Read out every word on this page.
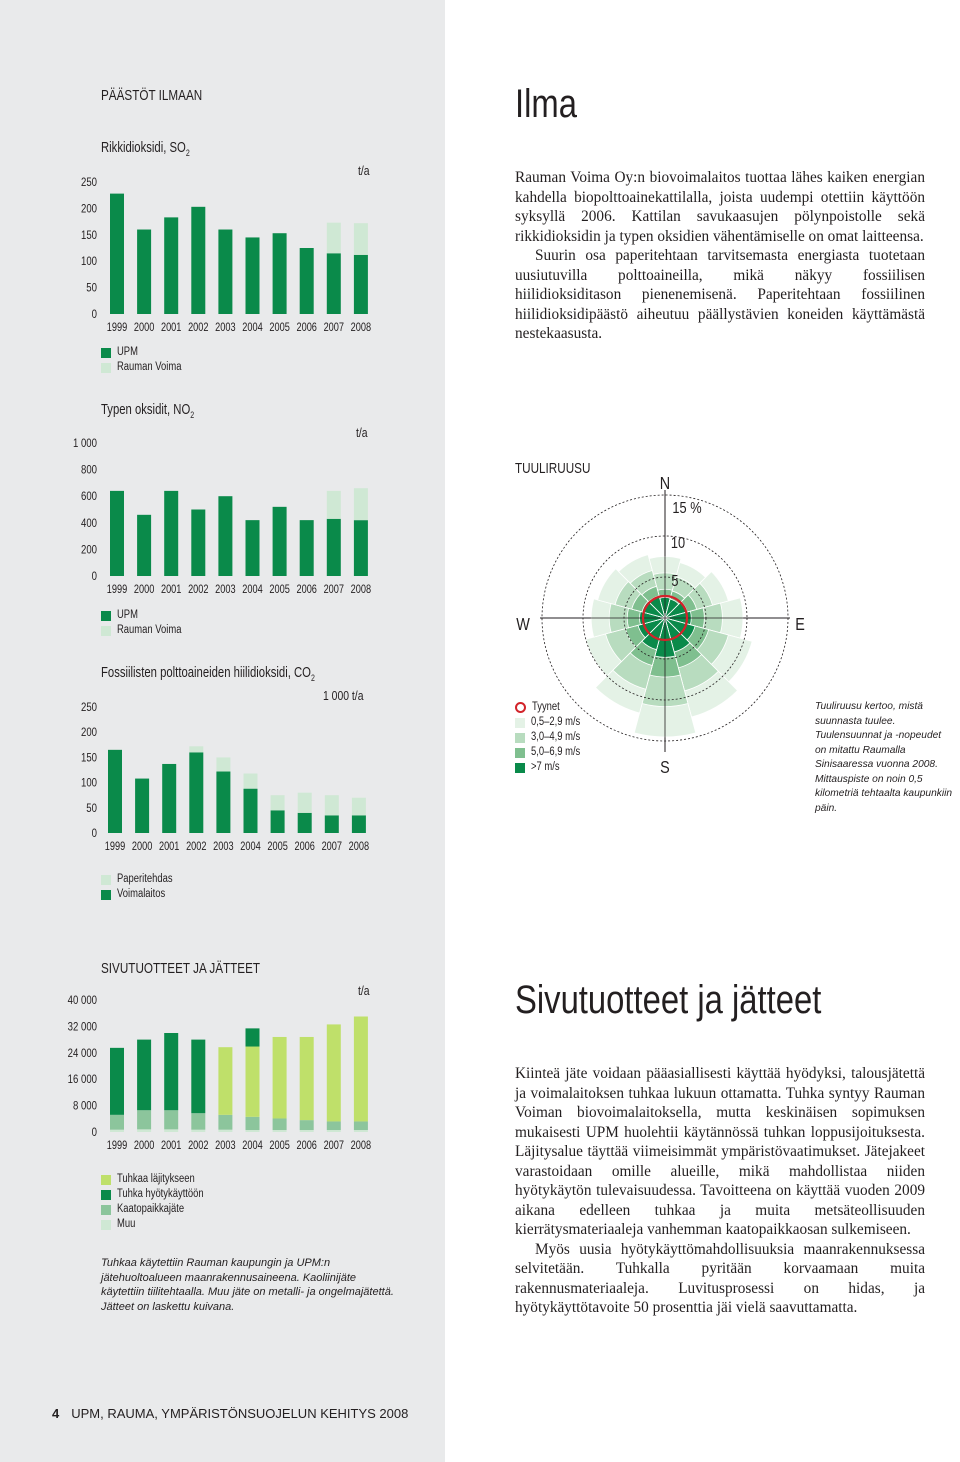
PÄÄSTÖT ILMAAN
Rikkidioksidi, $SO_2$
t/a
250
200
150
100
50
0
1999 2000 2001 2002 2003 2004 2005 2006 2007 2008
UPM
Rauman Voima
Typen oksidit, $NO_2$
t/a
1 000
800
600
400
200
0
1999 2000 2001 2002 2003 2004 2005 2006 2007 2008
UPM
Rauman Voima
Fossiilisten polttoaineiden hiilidioksidi, $CO_2$
1 000 t/a
250
200
150
100
50
0
1999 2000 2001 2002 2003 2004 2005 2006 2007 2008
Paperitehdas
Voimalaitos
SIVUTUOTTEET JA JÄTTEET
t/a
40 000
32 000
24 000
16 000
8 000
0
1999 2000 2001 2002 2003 2004 2005 2006 2007 2008
Tuhkaa läjitykseen
Tuhka hyötykäyttöön
Kaatopaikkajäte
Muu
Tuhkaa käytettiin Rauman kaupungin ja UPM:n jätehuoltoalueen maanrakennusaineena. Kaoliinijäte käytettiin tiilitehtaalla. Muu jäte on metalli- ja ongelmajätettä. Jätteet on laskettu kuivana.
Ilma

Rauman Voima Oy:n biovoimalaitos tuottaa lähes kaiken energian kahdella biopolttoainekattilalla, joista uudempi otettiin käyttöön syksyllä 2006. Kattilan savukaasujen pölynpoistolle sekä rikkidioksidin ja typen oksidien vähentämiselle on omat laitteensa.

Suurin osa paperitehtaan tarvitsemasta energiasta tuotetaan uusiutuvilla polttoaineilla, mikä näkyy fossiilisen hiilidioksiditason pienenemisenä. Paperitehtaan fossiilinen hiilidioksidipäästö aiheutuu päällystävien koneiden käyttämästä nestekaasusta.

TUULIRUUSU
N
S
W	E
15 %
10
5
Tyynet
0,5–2,9 m/s
3,0–4,9 m/s
5,0–6,9 m/s
>7 m/s
Tuuliruusu kertoo, mistä suunnasta tuulee. Tuulensuunnat ja -nopeudet on mitattu Raumalla Sinisaaressa vuonna 2008. Mittauspiste on noin 0,5 kilometriä tehtaalta kaupunkiin päin.
Sivutuotteet ja jätteet

Kiinteä jäte voidaan pääasiallisesti käyttää hyödyksi, talousjätettä ja voimalaitoksen tuhkaa lukuun ottamatta. Tuhka syntyy Rauman Voiman biovoimalaitoksella, mutta keskinäisen sopimuksen mukaisesti UPM huolehtii käytännössä tuhkan loppusijoituksesta. Läjitysalue täyttää viimeisimmät ympäristövaatimukset. Jätejakeet varastoidaan omille alueille, mikä mahdollistaa niiden hyötykäytön tulevaisuudessa. Tavoitteena on käyttää vuoden 2009 aikana edelleen tuhkaa ja muita metsäteollisuuden kierrätysmateriaaleja vanhemman kaatopaikkaosan sulkemiseen.

Myös uusia hyötykäyttömahdollisuuksia maanrakennuksessa selvitetään. Tuhkalla pyritään korvaamaan muita rakennusmateriaaleja. Luvitusprosessi on hidas, ja hyötykäyttötavoite 50 prosenttia jäi vielä saavuttamatta.

4 UPM, RAUMA, YMPÄRISTÖNSUOJELUN KEHITYS 2008
